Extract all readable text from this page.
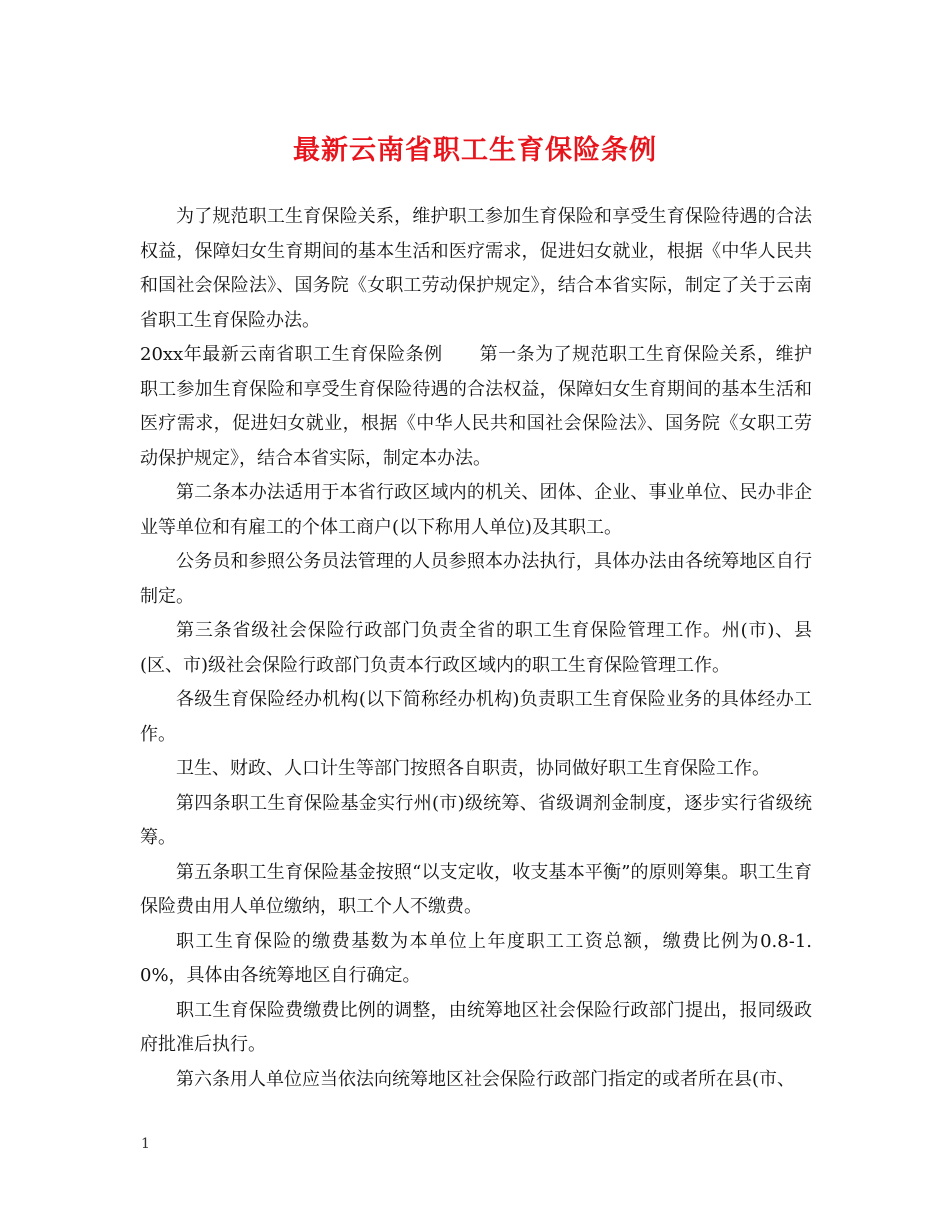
最新云南省职工生育保险条例

为了规范职工生育保险关系，维护职工参加生育保险和享受生育保险待遇的合法权益，保障妇女生育期间的基本生活和医疗需求，促进妇女就业，根据《中华人民共和国社会保险法》、国务院《女职工劳动保护规定》，结合本省实际，制定了关于云南省职工生育保险办法。

20xx年最新云南省职工生育保险条例　　第一条为了规范职工生育保险关系，维护职工参加生育保险和享受生育保险待遇的合法权益，保障妇女生育期间的基本生活和医疗需求，促进妇女就业，根据《中华人民共和国社会保险法》、国务院《女职工劳动保护规定》，结合本省实际，制定本办法。

第二条本办法适用于本省行政区域内的机关、团体、企业、事业单位、民办非企业等单位和有雇工的个体工商户(以下称用人单位)及其职工。

公务员和参照公务员法管理的人员参照本办法执行，具体办法由各统筹地区自行制定。

第三条省级社会保险行政部门负责全省的职工生育保险管理工作。州(市)、县(区、市)级社会保险行政部门负责本行政区域内的职工生育保险管理工作。

各级生育保险经办机构(以下简称经办机构)负责职工生育保险业务的具体经办工作。

卫生、财政、人口计生等部门按照各自职责，协同做好职工生育保险工作。

第四条职工生育保险基金实行州(市)级统筹、省级调剂金制度，逐步实行省级统筹。

第五条职工生育保险基金按照“以支定收，收支基本平衡”的原则筹集。职工生育保险费由用人单位缴纳，职工个人不缴费。

职工生育保险的缴费基数为本单位上年度职工工资总额，缴费比例为0.8-1.0%，具体由各统筹地区自行确定。

职工生育保险费缴费比例的调整，由统筹地区社会保险行政部门提出，报同级政府批准后执行。

第六条用人单位应当依法向统筹地区社会保险行政部门指定的或者所在县(市、

1
